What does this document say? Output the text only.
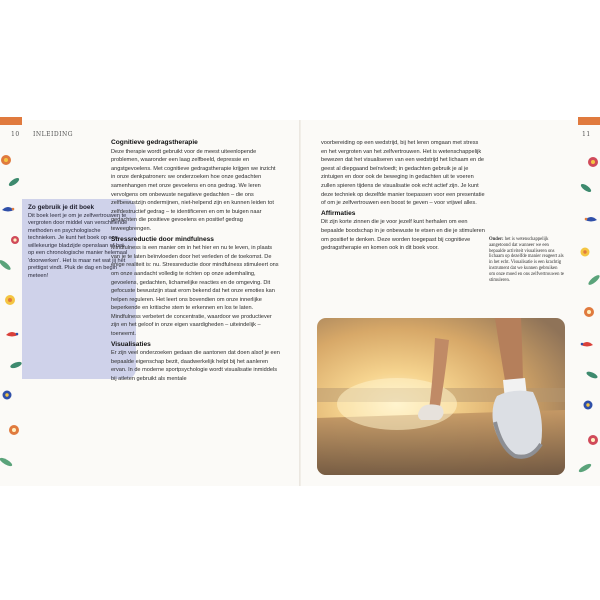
10 INLEIDING	11
Zo gebruik je dit boek

Dit boek leert je om je zelfvertrouwen te vergroten door middel van verschillende methoden en psychologische technieken. Je kunt het boek op een willekeurige bladzijde openslaan of het op een chronologische manier helemaal 'doorwerken'. Het is maar net wat jij het prettigst vindt. Pluk de dag en begin meteen!

Cognitieve gedragstherapie

Deze therapie wordt gebruikt voor de meest uiteenlopende problemen, waaronder een laag zelfbeeld, depressie en angstgevoelens. Met cognitieve gedragstherapie krijgen we inzicht in onze denkpatronen: we onderzoeken hoe onze gedachten samenhangen met onze gevoelens en ons gedrag. We leren vervolgens om onbewuste negatieve gedachten – die ons zelfbewustzijn ondermijnen, niet-helpend zijn en kunnen leiden tot zelfdestructief gedrag – te identificeren en om te buigen naar gedachten die positieve gevoelens en positief gedrag teweegbrengen.

Stressreductie door mindfulness

Mindfulness is een manier om in het hier en nu te leven, in plaats van je te laten beïnvloeden door het verleden of de toekomst. De enige realiteit is: nu. Stressreductie door mindfulness stimuleert ons om onze aandacht volledig te richten op onze ademhaling, gevoelens, gedachten, lichamelijke reacties en de omgeving. Dit gefocuste bewustzijn staat erom bekend dat het onze emoties kan helpen reguleren. Het leert ons bovendien om onze innerlijke beperkende en kritische stem te erkennen en los te laten. Mindfulness verbetert de concentratie, waardoor we productiever zijn en het geloof in onze eigen vaardigheden – uiteindelijk – toeneemt.

Visualisaties

Er zijn veel onderzoeken gedaan die aantonen dat doen alsof je een bepaalde eigenschap bezit, daadwerkelijk helpt bij het aanleren ervan. In de moderne sportpsychologie wordt visualisatie inmiddels bij atleten gebruikt als mentale

voorbereiding op een wedstrijd, bij het leren omgaan met stress en het vergroten van het zelfvertrouwen. Het is wetenschappelijk bewezen dat het visualiseren van een wedstrijd het lichaam en de geest al diepgaand beïnvloedt; in gedachten gebruik je al je zintuigen en door ook de beweging in gedachten uit te voeren zullen spieren tijdens de visualisatie ook echt actief zijn. Je kunt deze techniek op dezelfde manier toepassen voor een presentatie of om je zelfvertrouwen een boost te geven – voor vrijwel alles.

Affirmaties

Dit zijn korte zinnen die je voor jezelf kunt herhalen om een bepaalde boodschap in je onbewuste te etsen en die je stimuleren om positief te denken. Deze worden toegepast bij cognitieve gedragstherapie en komen ook in dit boek voor.

Onder: het is wetenschappelijk aangetoond dat wanneer we een bepaalde activiteit visualiseren ons lichaam op dezelfde manier reageert als in het echt. Visualisatie is een krachtig instrument dat we kunnen gebruiken om onze moed en ons zelfvertrouwen te stimuleren.
